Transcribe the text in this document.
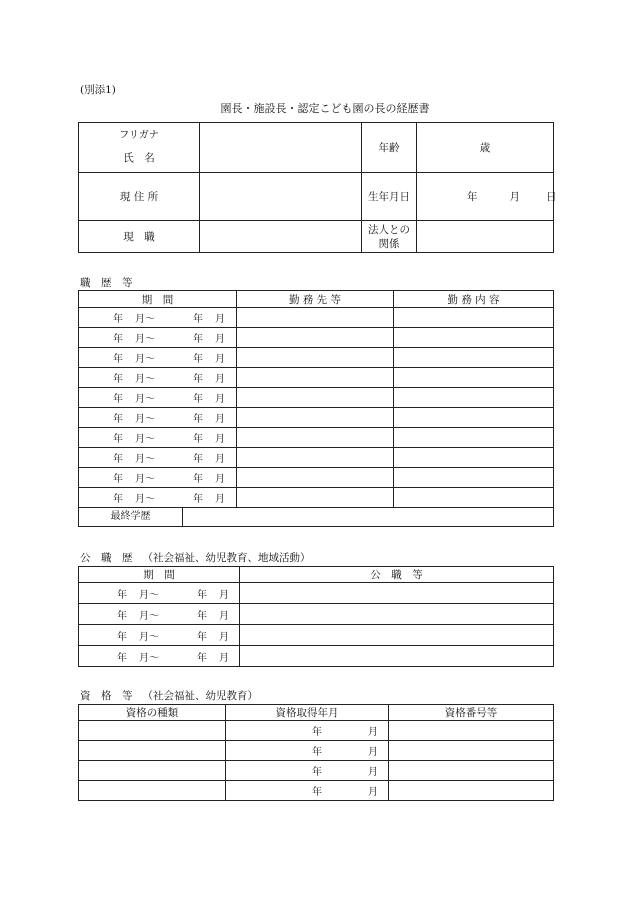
(別添1)
園長・施設長・認定こども園の長の経歴書
フリガナ
氏　名		年齢	歳
現 住 所		生年月日	年 月 日
現　職		法人との
関係	

職　歴　等
期　間	勤 務 先 等	勤 務 内 容
年 月～ 年 月		
年 月～ 年 月		
年 月～ 年 月		
年 月～ 年 月		
年 月～ 年 月		
年 月～ 年 月		
年 月～ 年 月		
年 月～ 年 月		
年 月～ 年 月		
年 月～ 年 月		

最終学歴		
公　職　歴 （社会福祉、幼児教育、地域活動）
期　間	公　職　等
年 月～ 年 月	
年 月～ 年 月	
年 月～ 年 月	
年 月～ 年 月	
資　格　等 （社会福祉、幼児教育）
資格の種類	資格取得年月	資格番号等
	年 月	
	年 月	
	年 月	
	年 月	
